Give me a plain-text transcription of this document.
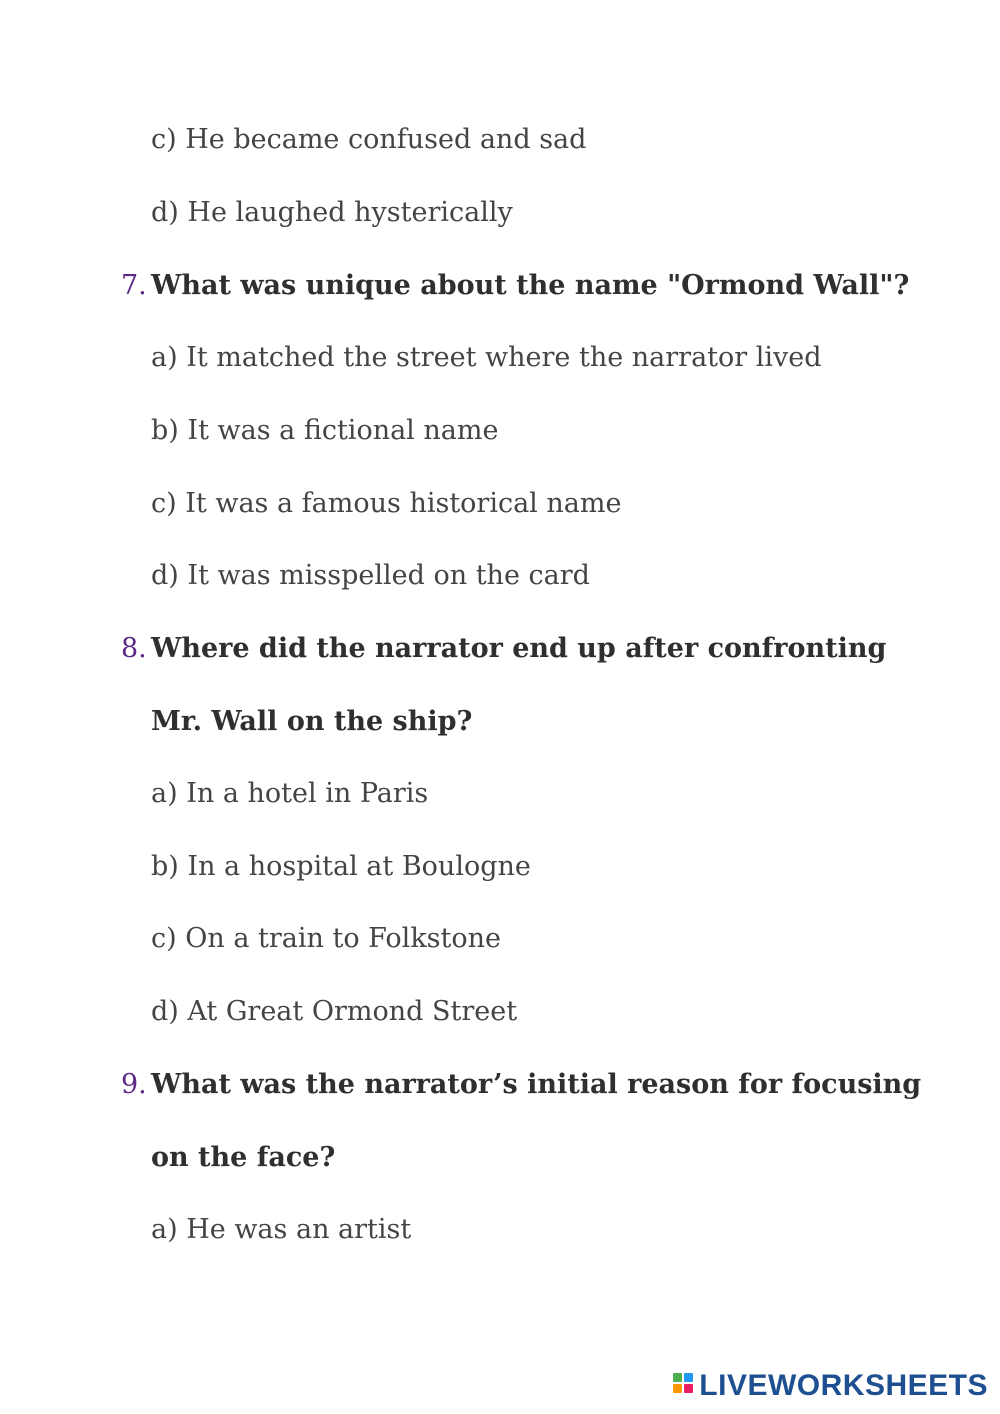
c) He became confused and sad
d) He laughed hysterically
7. What was unique about the name "Ormond Wall"?
a) It matched the street where the narrator lived
b) It was a fictional name
c) It was a famous historical name
d) It was misspelled on the card
8. Where did the narrator end up after confronting
Mr. Wall on the ship?
a) In a hotel in Paris
b) In a hospital at Boulogne
c) On a train to Folkstone
d) At Great Ormond Street
9. What was the narrator’s initial reason for focusing
on the face?
a) He was an artist
LIVEWORKSHEETS
